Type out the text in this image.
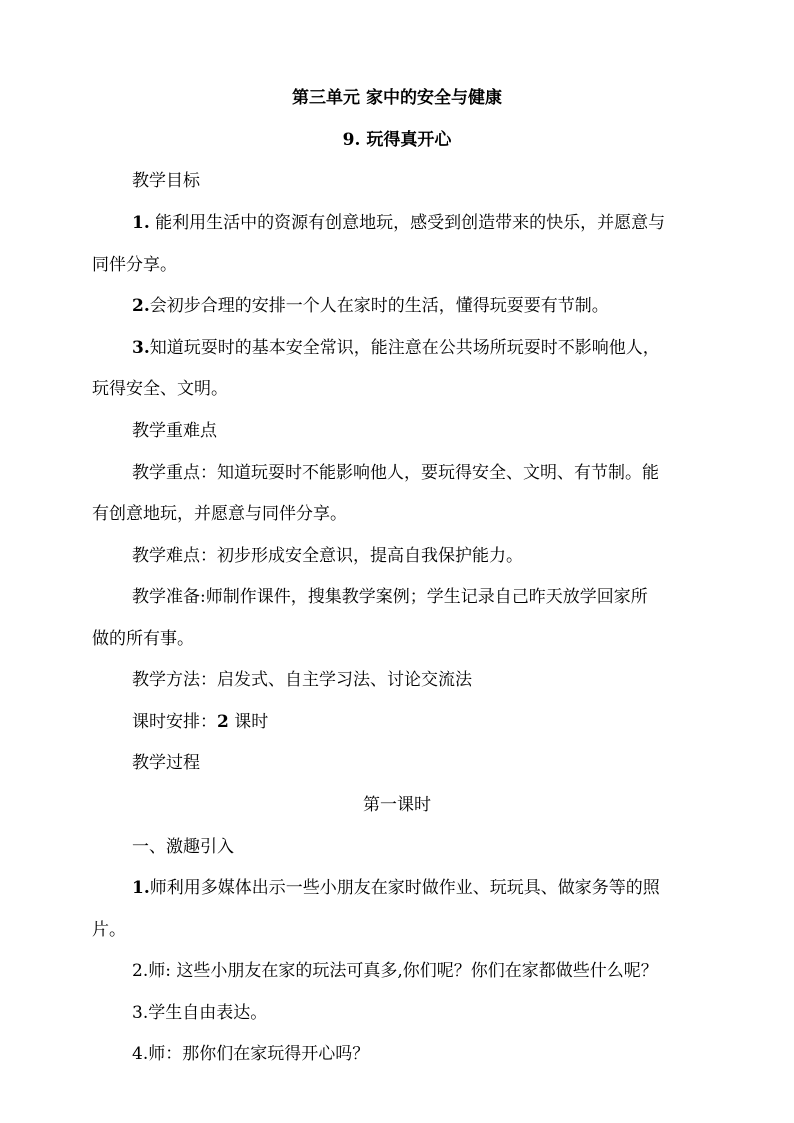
第三单元 家中的安全与健康
9. 玩得真开心
教学目标
1. 能利用生活中的资源有创意地玩，感受到创造带来的快乐，并愿意与
同伴分享。
2.会初步合理的安排一个人在家时的生活，懂得玩耍要有节制。
3.知道玩耍时的基本安全常识，能注意在公共场所玩耍时不影响他人，
玩得安全、文明。
教学重难点
教学重点：知道玩耍时不能影响他人，要玩得安全、文明、有节制。能
有创意地玩，并愿意与同伴分享。
教学难点：初步形成安全意识，提高自我保护能力。
教学准备:师制作课件，搜集教学案例；学生记录自己昨天放学回家所
做的所有事。
教学方法：启发式、自主学习法、讨论交流法
课时安排：2 课时
教学过程
第一课时
一、激趣引入
1.师利用多媒体出示一些小朋友在家时做作业、玩玩具、做家务等的照
片。
2.师: 这些小朋友在家的玩法可真多,你们呢？你们在家都做些什么呢？
3.学生自由表达。
4.师：那你们在家玩得开心吗？
